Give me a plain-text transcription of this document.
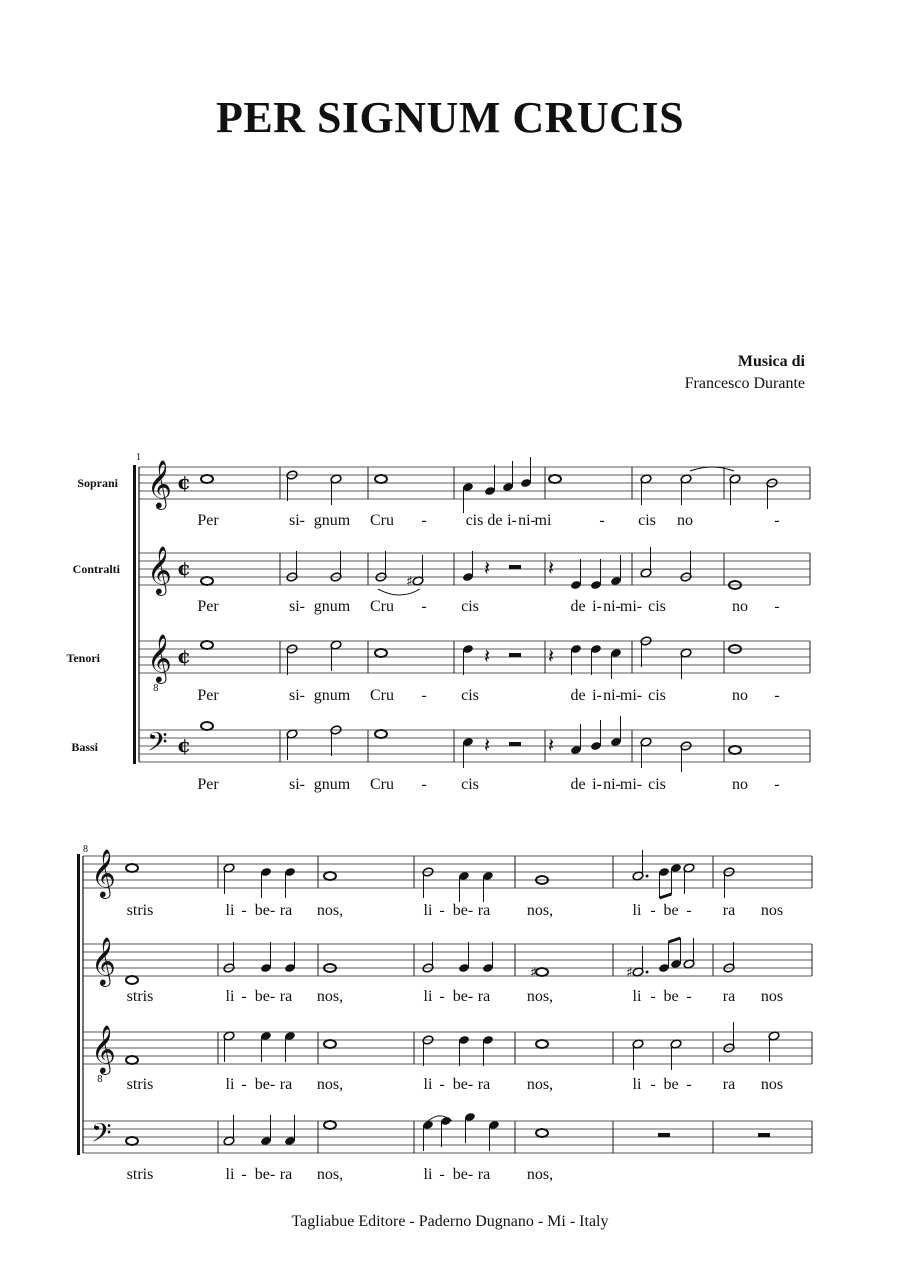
PER SIGNUM CRUCIS
Musica di
Francesco Durante
Soprani
Contralti
Tenori
Bassi
1
8
Per	si- gnum Cru - cis de i- ni-
mi	- cis no	-
Per	si- gnum Cru - cis	de i- ni- mi- cis	no -
Per	si- gnum Cru - cis	de i- ni- mi- cis	no -
Per	si- gnum Cru - cis	de i- ni- mi- cis	no -
stris	li - be- ra nos,	li - be- ra nos,	li - be - ra nos
stris	li - be- ra nos,	li - be- ra nos,	li - be - ra nos
stris	li - be- ra nos,	li - be- ra nos,	li - be - ra nos
stris	li - be- ra nos,	li - be- ra nos,
♯
𝄽	𝄽
𝄽	𝄽
𝄽	𝄽
♯	♯
𝄞 ¢
𝄞 ¢
𝄞
8
¢
𝄢 ¢
𝄞
𝄞
𝄞
8
𝄢
Tagliabue Editore - Paderno Dugnano - Mi - Italy
